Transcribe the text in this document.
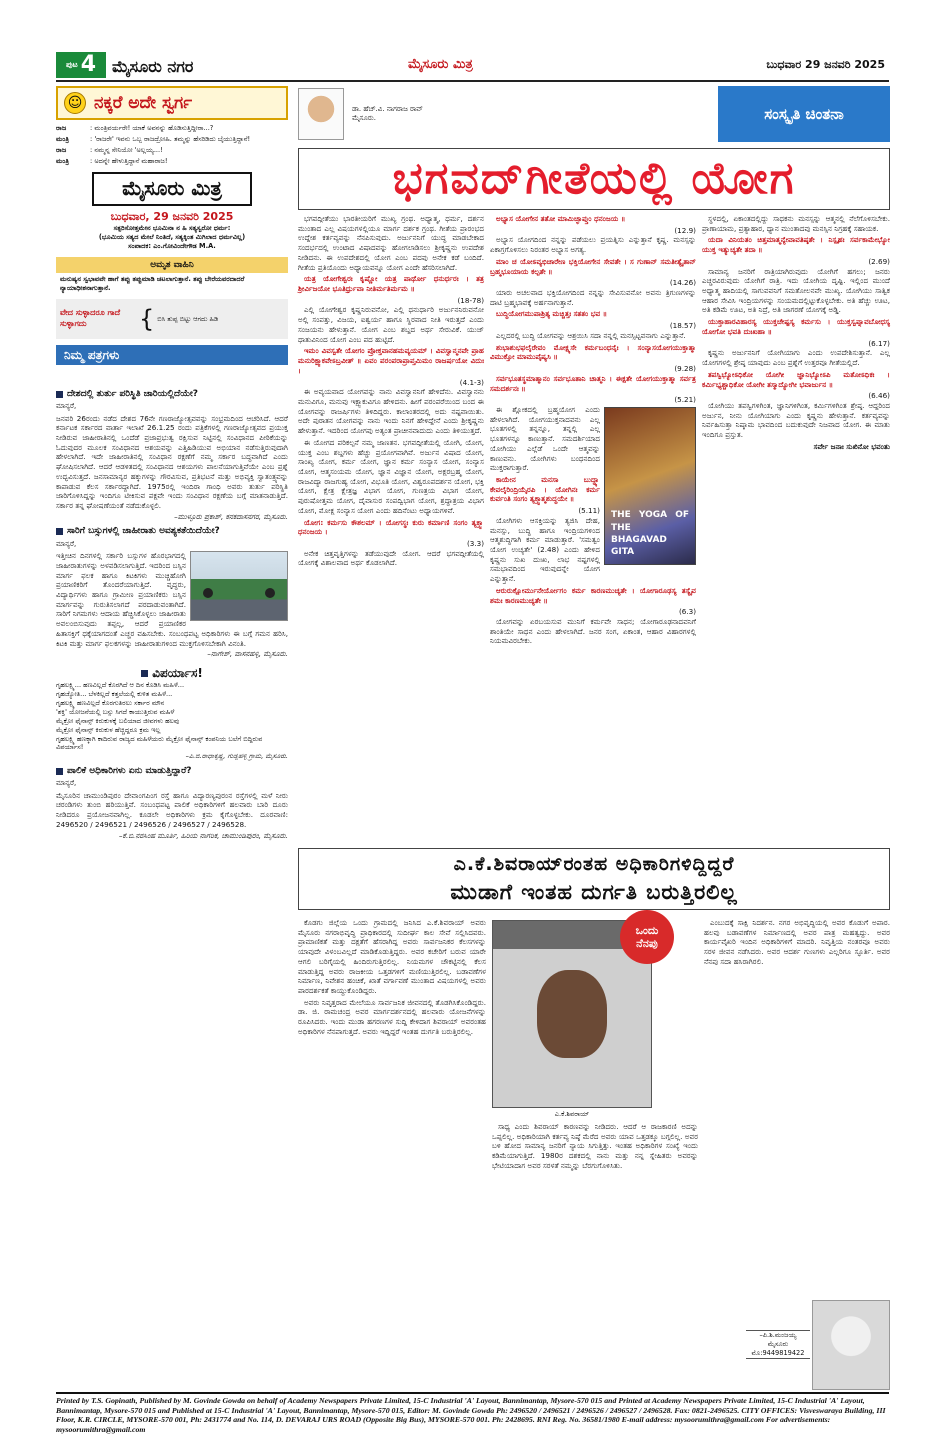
ಪುಟ 4 ಮೈಸೂರು ನಗರ	ಮೈಸೂರು ಮಿತ್ರ	ಬುಧವಾರ 29 ಜನವರಿ 2025
☺ ನಕ್ಕರೆ ಅದೇ ಸ್ವರ್ಗ
ರಾಜ	: ಮಂತ್ರಿವರ್ಯರೇ! ಯಾಕೆ ಅವನನ್ನು ಹೊಡಿಸುತ್ತಿದ್ದೀರಾ...?
ಮಂತ್ರಿ	: 'ರಾಜರೇ' ಇವನು ಒಬ್ಬ ರಾಜದ್ರೋಹಿ. ತಮ್ಮನ್ನು ಹೆಸರಿಡಿದು ಬೈಯುತ್ತಿದ್ದಾನೆ!
ರಾಜ	: ನಮ್ಮನ್ನ ಸೇನಿಯೋ 'ಅಲ್ಲಯ್ಯ...!
ಮಂತ್ರಿ	: ಅದನ್ನೇ ಹೇಳುತ್ತಿದ್ದಾನೆ ಮಹಾರಾಜ!
ಮೈಸೂರು ಮಿತ್ರ
ಬುಧವಾರ, 29 ಜನವರಿ 2025
ಸತ್ಪರಿಸೋತ್ತಮೇನ ಭೂಮಿನಾ ನ ಹಿ ಸತ್ಯಸ್ವರೋ ಧರ್ಮ:
(ಭೂಮಿಯ ಸತ್ಯದ ಮೇಲೆ ನಿಂತಿದೆ, ಸತ್ಯಕ್ಕಿಂತ ಮಿಗಿಲಾದ ಧರ್ಮವಿಲ್ಲ)
ಸಂಪಾದಕ: ಎಂ.ಗೋವಿಂದೇಗೌಡ M.A.
ಅಮೃತ ವಾಹಿನಿ
ಮನುಷ್ಯನ ಸ್ವಭಾವವೇ ಹಾಗೆ ತಪ್ಪು ತಪ್ಪುಮಾಡಿ ಚಟಲಾಗುತ್ತಾನೆ. ತಪ್ಪು ಬೇರೆಯವರದಾದರೆ ನ್ಯಾಯಾಧೀಶನಾಗುತ್ತಾನೆ.
ವೇದ ಸುಳ್ಳಾದರೂ ಗಾದೆ ಸುಳ್ಳಾಗದು	{ ಬಿಸಿ ತುಪ್ಪ ಬಿಟ್ಟು ಆಗದು ಹಿಡಿ
ನಿಮ್ಮ ಪತ್ರಗಳು
ದೇಶದಲ್ಲಿ ತುರ್ತು ಪರಿಸ್ಥಿತಿ ಜಾರಿಯಲ್ಲಿದೆಯೇ?
ಮಾನ್ಯರೆ,

ಜನವರಿ 26ರಂದು ನಡೆದ ದೇಶದ 76ನೇ ಗಣರಾಜ್ಯೋತ್ಸವವನ್ನು ಸಂಭ್ರಮದಿಂದ ಆಚರಿಸಿದೆ. ಆದರೆ ಕರ್ನಾಟಕ ಸರ್ಕಾರದ ವಾರ್ತಾ ಇಲಾಖೆ 26.1.25 ರಂದು ಪತ್ರಿಕೆಗಳಲ್ಲಿ ಗಣರಾಜ್ಯೋತ್ಸವದ ಪ್ರಯುಕ್ತ ನೀಡಿರುವ ಜಾಹೀರಾತಿನಲ್ಲಿ ಒಂದೆಡೆ ಪ್ರಜಾಪ್ರಭುತ್ವ ರಕ್ಷಿಸುವ ನಿಟ್ಟಿನಲ್ಲಿ ಸಂವಿಧಾನದ ಪೀಠಿಕೆಯನ್ನು ಓದುವುದರ ಮೂಲಕ ಸಂವಿಧಾನದ ಆಶಯವನ್ನು ಎತ್ತಿಹಿಡಿಯುವ ಅಭಿಯಾನ ನಡೆಸುತ್ತಿರುವುದಾಗಿ ಹೇಳಲಾಗಿದೆ. ಇದೇ ಜಾಹೀರಾತಿನಲ್ಲಿ ಸಂವಿಧಾನ ರಕ್ಷಣೆಗೆ ನಮ್ಮ ಸರ್ಕಾರ ಬದ್ಧವಾಗಿದೆ ಎಂದು ಘೋಷಿಸಲಾಗಿದೆ. ಆದರೆ ಆಡಳಿತದಲ್ಲಿ ಸಂವಿಧಾನದ ಆಶಯಗಳು ಪಾಲನೆಯಾಗುತ್ತಿವೆಯೇ ಎಂಬ ಪ್ರಶ್ನೆ ಉದ್ಭವಿಸುತ್ತದೆ. ಜನಸಾಮಾನ್ಯರ ಹಕ್ಕುಗಳನ್ನು ಗೌರವಿಸುವ, ಪ್ರತಿಭಟನೆ ಮತ್ತು ಅಭಿವ್ಯಕ್ತಿ ಸ್ವಾತಂತ್ರ್ಯವನ್ನು ಕಾಪಾಡುವ ಕೆಲಸ ಸರ್ಕಾರದ್ದಾಗಿದೆ. 1975ರಲ್ಲಿ ಇಂದಿರಾ ಗಾಂಧಿ ಅವರು ತುರ್ತು ಪರಿಸ್ಥಿತಿ ಜಾರಿಗೊಳಿಸಿದ್ದನ್ನು ಇಂದಿಗೂ ಟೀಕಿಸುವ ಪಕ್ಷವೇ ಇಂದು ಸಂವಿಧಾನ ರಕ್ಷಣೆಯ ಬಗ್ಗೆ ಮಾತನಾಡುತ್ತಿದೆ. ಸರ್ಕಾರ ತನ್ನ ಘೋಷಣೆಯಂತೆ ನಡೆದುಕೊಳ್ಳಲಿ.

–ಮುಳ್ಳೂರು ಪ್ರಕಾಶ್, ಕನಕದಾಸನಗರ, ಮೈಸೂರು.
ಸಾರಿಗೆ ಬಸ್ಸುಗಳಲ್ಲಿ ಜಾಹೀರಾತು ಅವಶ್ಯಕತೆಯಿದೆಯೇ?
ಮಾನ್ಯರೆ,

ಇತ್ತೀಚಿನ ದಿನಗಳಲ್ಲಿ ಸರ್ಕಾರಿ ಬಸ್ಸುಗಳ ಹೊರಭಾಗದಲ್ಲಿ ಜಾಹೀರಾತುಗಳನ್ನು ಅಳವಡಿಸಲಾಗುತ್ತಿದೆ. ಇದರಿಂದ ಬಸ್ಸಿನ ಮಾರ್ಗ ಫಲಕ ಹಾಗೂ ಕಿಟಕಿಗಳು ಮುಚ್ಚಿಹೋಗಿ ಪ್ರಯಾಣಿಕರಿಗೆ ತೊಂದರೆಯಾಗುತ್ತಿದೆ. ವೃದ್ಧರು, ವಿದ್ಯಾರ್ಥಿಗಳು ಹಾಗೂ ಗ್ರಾಮೀಣ ಪ್ರಯಾಣಿಕರು ಬಸ್ಸಿನ ಮಾರ್ಗವನ್ನು ಗುರುತಿಸಲಾಗದೆ ಪರದಾಡುವಂತಾಗಿದೆ. ಸಾರಿಗೆ ನಿಗಮಗಳು ಆದಾಯ ಹೆಚ್ಚಿಸಿಕೊಳ್ಳಲು ಜಾಹೀರಾತು ಅವಲಂಬಿಸುವುದು ತಪ್ಪಲ್ಲ, ಆದರೆ ಪ್ರಯಾಣಿಕರ ಹಿತಾಸಕ್ತಿಗೆ ಧಕ್ಕೆಯಾಗದಂತೆ ಎಚ್ಚರ ವಹಿಸಬೇಕು. ಸಂಬಂಧಪಟ್ಟ ಅಧಿಕಾರಿಗಳು ಈ ಬಗ್ಗೆ ಗಮನ ಹರಿಸಿ, ಕಿಟಕಿ ಮತ್ತು ಮಾರ್ಗ ಫಲಕಗಳನ್ನು ಜಾಹೀರಾತುಗಳಿಂದ ಮುಕ್ತಗೊಳಿಸಬೇಕಾಗಿ ವಿನಂತಿ.

–ನಾಗೇಶ್, ವಾಸನಹಳ್ಳಿ, ಮೈಸೂರು.
ವಿಪರ್ಯಾಸ!
ಗೃಹಲಕ್ಷ್ಮಿ... ಹಣವಿಲ್ಲದೆ ಕೊರಗಿದೆ ಆ ದಿನ ಕೊಡಿಸಿ ಮಹಿಳೆ...
ಗೃಹಜ್ಯೋತಿ... ಬೆಳಕಿಲ್ಲದೆ ಕತ್ತಲೆಯಲ್ಲಿ ಕುಳಿತ ಮಹಿಳೆ...
ಗೃಹಲಕ್ಷ್ಮಿ ಹಣವಿಲ್ಲದೆ ಕೊರಗುತಿರಲು ಸರ್ಕಾರ ಮೌನ
'ಶಕ್ತಿ' ಯೋಜನೆಯಲ್ಲಿ ಬಸ್ಸು ಸಿಗದೆ ಕಾಯುತ್ತಿರುವ ಮಹಿಳೆ
ಮೈಕ್ರೋ ಫೈನಾನ್ಸ್ ಕಿರುಕುಳಕ್ಕೆ ಬಲಿಯಾದ ಜೀವಗಳು ಹಲವು
ಮೈಕ್ರೋ ಫೈನಾನ್ಸ್ ಕಿರುಕುಳ ಹೆಚ್ಚಿದ್ದರೂ ಕ್ರಮ ಇಲ್ಲ
ಗೃಹಲಕ್ಷ್ಮಿ ಹಣಕ್ಕಾಗಿ ಕಾದಿರುವ ರಾಜ್ಯದ ಮಹಿಳೆಯರು ಮೈಕ್ರೋ ಫೈನಾನ್ಸ್ ಕಂಪನಿಯ ಬಲೆಗೆ ಬಿದ್ದಿರುವ ವಿಪರ್ಯಾಸ!
–ಪಿ.ಜಿ.ರಾಧಾಕೃಷ್ಣ, ಗುಡ್ಡಹಳ್ಳಿ ಗ್ರಾಮ, ಮೈಸೂರು.
ಪಾಲಿಕೆ ಅಧಿಕಾರಿಗಳು ಏನು ಮಾಡುತ್ತಿದ್ದಾರೆ?
ಮಾನ್ಯರೆ,

ಮೈಸೂರಿನ ಚಾಮುಂಡಿಪುರಂ ದೇವಾಂಗಪಿಂಗ ರಸ್ತೆ ಹಾಗೂ ವಿದ್ಯಾರಣ್ಯಪುರಂನ ರಸ್ತೆಗಳಲ್ಲಿ ಮಳೆ ನೀರು ಚರಂಡಿಗಳು ತುಂಬಿ ಹರಿಯುತ್ತಿವೆ. ಸಂಬಂಧಪಟ್ಟ ಪಾಲಿಕೆ ಅಧಿಕಾರಿಗಳಿಗೆ ಹಲವಾರು ಬಾರಿ ದೂರು ನೀಡಿದರೂ ಪ್ರಯೋಜನವಾಗಿಲ್ಲ. ಕೂಡಲೇ ಅಧಿಕಾರಿಗಳು ಕ್ರಮ ಕೈಗೊಳ್ಳಬೇಕು. ದೂರವಾಣಿ: 2496520 / 2496521 / 2496526 / 2496527 / 2496528.

–ಕೆ.ಬಿ.ನರಸಿಂಹ ಮೂರ್ತಿ, ಹಿರಿಯ ನಾಗರಿಕ, ಚಾಮುಂಡಿಪುರಂ, ಮೈಸೂರು.
ಡಾ. ಹೆಚ್.ವಿ. ನಾಗರಾಜ ರಾವ್
ಮೈಸೂರು.	ಸಂಸ್ಕೃತಿ ಚಿಂತನಾ
ಭಗವದ್‌ಗೀತೆಯಲ್ಲಿ ಯೋಗ

ಭಗವದ್ಗೀತೆಯು ಭಾರತೀಯರಿಗೆ ಮುಖ್ಯ ಗ್ರಂಥ. ಅಧ್ಯಾತ್ಮ, ಧರ್ಮ, ದರ್ಶನ ಮುಂತಾದ ಎಲ್ಲ ವಿಷಯಗಳಲ್ಲಿಯೂ ಮಾರ್ಗ ದರ್ಶಕ ಗ್ರಂಥ. ಗೀತೆಯ ಪ್ರಾರಂಭದ ಉದ್ದೇಶ ಕರ್ತವ್ಯವನ್ನು ನೆನಪಿಸುವುದು. ಅರ್ಜುನನಿಗೆ ಯುದ್ಧ ಮಾಡಬೇಕಾದ ಸಂದರ್ಭದಲ್ಲಿ ಉಂಟಾದ ವಿಷಾದವನ್ನು ಹೋಗಲಾಡಿಸಲು ಶ್ರೀಕೃಷ್ಣನು ಉಪದೇಶ ನೀಡಿದನು. ಈ ಉಪದೇಶದಲ್ಲಿ ಯೋಗ ಎಂಬ ಪದವು ಅನೇಕ ಕಡೆ ಬಂದಿದೆ. ಗೀತೆಯ ಪ್ರತಿಯೊಂದು ಅಧ್ಯಾಯವನ್ನೂ ಯೋಗ ಎಂದೇ ಹೆಸರಿಸಲಾಗಿದೆ.

ಯತ್ರ ಯೋಗೇಶ್ವರಃ ಕೃಷ್ಣೋ ಯತ್ರ ಪಾರ್ಥೋ ಧನುರ್ಧರಃ । ತತ್ರ ಶ್ರೀರ್ವಿಜಯೋ ಭೂತಿರ್ಧ್ರುವಾ ನೀತಿರ್ಮತಿರ್ಮಮ ॥

(18-78)

ಎಲ್ಲಿ ಯೋಗೇಶ್ವರ ಕೃಷ್ಣನಿರುವನೋ, ಎಲ್ಲಿ ಧನುರ್ಧಾರಿ ಅರ್ಜುನನಿರುವನೋ ಅಲ್ಲಿ ಸಂಪತ್ತು, ವಿಜಯ, ಐಶ್ವರ್ಯ ಹಾಗೂ ಸ್ಥಿರವಾದ ನೀತಿ ಇರುತ್ತದೆ ಎಂದು ಸಂಜಯನು ಹೇಳುತ್ತಾನೆ. ಯೋಗ ಎಂಬ ಶಬ್ದದ ಅರ್ಥ ಸೇರುವಿಕೆ. ಯುಜ್ ಧಾತುವಿನಿಂದ ಯೋಗ ಎಂಬ ಪದ ಹುಟ್ಟಿದೆ.

ಇಮಂ ವಿವಸ್ವತೇ ಯೋಗಂ ಪ್ರೋಕ್ತವಾನಹಮವ್ಯಯಮ್ । ವಿವಸ್ವಾನ್ಮನವೇ ಪ್ರಾಹ ಮನುರಿಕ್ಷ್ವಾಕವೇಽಬ್ರವೀತ್ ॥ ಏವಂ ಪರಂಪರಾಪ್ರಾಪ್ತಮಿಮಂ ರಾಜರ್ಷಯೋ ವಿದುಃ ।

(4.1-3)

ಈ ಅವ್ಯಯವಾದ ಯೋಗವನ್ನು ನಾನು ವಿವಸ್ವಾನನಿಗೆ ಹೇಳಿದೆನು. ವಿವಸ್ವಾನನು ಮನುವಿಗೂ, ಮನುವು ಇಕ್ಷ್ವಾಕುವಿಗೂ ಹೇಳಿದನು. ಹೀಗೆ ಪರಂಪರೆಯಿಂದ ಬಂದ ಈ ಯೋಗವನ್ನು ರಾಜರ್ಷಿಗಳು ತಿಳಿದಿದ್ದರು. ಕಾಲಾಂತರದಲ್ಲಿ ಅದು ನಷ್ಟವಾಯಿತು. ಅದೇ ಪುರಾತನ ಯೋಗವನ್ನು ನಾನು ಇಂದು ನಿನಗೆ ಹೇಳಿದ್ದೇನೆ ಎಂದು ಶ್ರೀಕೃಷ್ಣನು ಹೇಳುತ್ತಾನೆ. ಇದರಿಂದ ಯೋಗವು ಅತ್ಯಂತ ಪ್ರಾಚೀನವಾದುದು ಎಂದು ತಿಳಿಯುತ್ತದೆ.

ಈ ಯೋಗದ ಪರಿಕಲ್ಪನೆ ನಮ್ಮ ಜಾಣತನ. ಭಗವದ್ಗೀತೆಯಲ್ಲಿ ಯೋಗಿ, ಯೋಗ, ಯುಕ್ತ ಎಂಬ ಶಬ್ದಗಳು ಹೆಚ್ಚು ಪ್ರಯೋಗವಾಗಿವೆ. ಅರ್ಜುನ ವಿಷಾದ ಯೋಗ, ಸಾಂಖ್ಯ ಯೋಗ, ಕರ್ಮ ಯೋಗ, ಜ್ಞಾನ ಕರ್ಮ ಸಂನ್ಯಾಸ ಯೋಗ, ಸಂನ್ಯಾಸ ಯೋಗ, ಆತ್ಮಸಂಯಮ ಯೋಗ, ಜ್ಞಾನ ವಿಜ್ಞಾನ ಯೋಗ, ಅಕ್ಷರಬ್ರಹ್ಮ ಯೋಗ, ರಾಜವಿದ್ಯಾ ರಾಜಗುಹ್ಯ ಯೋಗ, ವಿಭೂತಿ ಯೋಗ, ವಿಶ್ವರೂಪದರ್ಶನ ಯೋಗ, ಭಕ್ತಿ ಯೋಗ, ಕ್ಷೇತ್ರ ಕ್ಷೇತ್ರಜ್ಞ ವಿಭಾಗ ಯೋಗ, ಗುಣತ್ರಯ ವಿಭಾಗ ಯೋಗ, ಪುರುಷೋತ್ತಮ ಯೋಗ, ದೈವಾಸುರ ಸಂಪದ್ವಿಭಾಗ ಯೋಗ, ಶ್ರದ್ಧಾತ್ರಯ ವಿಭಾಗ ಯೋಗ, ಮೋಕ್ಷ ಸಂನ್ಯಾಸ ಯೋಗ ಎಂದು ಹದಿನೆಂಟು ಅಧ್ಯಾಯಗಳಿವೆ.

ಯೋಗ: ಕರ್ಮಸು ಕೌಶಲಮ್ । ಯೋಗಸ್ಥಃ ಕುರು ಕರ್ಮಾಣಿ ಸಂಗಂ ತ್ಯಕ್ತ್ವಾ ಧನಂಜಯ ।

(3.3)

ಅನೇಕ ಚಿತ್ತವೃತ್ತಿಗಳನ್ನು ತಡೆಯುವುದೇ ಯೋಗ. ಆದರೆ ಭಗವದ್ಗೀತೆಯಲ್ಲಿ ಯೋಗಕ್ಕೆ ವಿಶಾಲವಾದ ಅರ್ಥ ಕೊಡಲಾಗಿದೆ.

ಅಭ್ಯಾಸ ಯೋಗೇನ ತತೋ ಮಾಮಿಚ್ಛಾಪ್ತುಂ ಧನಂಜಯ ॥

(12.9)

ಅಭ್ಯಾಸ ಯೋಗದಿಂದ ನನ್ನನ್ನು ಪಡೆಯಲು ಪ್ರಯತ್ನಿಸು ಎನ್ನುತ್ತಾನೆ ಕೃಷ್ಣ. ಮನಸ್ಸನ್ನು ಏಕಾಗ್ರಗೊಳಿಸಲು ನಿರಂತರ ಅಭ್ಯಾಸ ಅಗತ್ಯ.

ಮಾಂ ಚ ಯೋಽವ್ಯಭಿಚಾರೇಣ ಭಕ್ತಿಯೋಗೇನ ಸೇವತೇ । ಸ ಗುಣಾನ್ ಸಮತೀತ್ಯೈತಾನ್ ಬ್ರಹ್ಮಭೂಯಾಯ ಕಲ್ಪತೇ ॥

(14.26)

ಯಾರು ಅಚಲವಾದ ಭಕ್ತಿಯೋಗದಿಂದ ನನ್ನನ್ನು ಸೇವಿಸುವನೋ ಅವನು ತ್ರಿಗುಣಗಳನ್ನು ದಾಟಿ ಬ್ರಹ್ಮಭಾವಕ್ಕೆ ಅರ್ಹನಾಗುತ್ತಾನೆ.

ಬುದ್ಧಿಯೋಗಮುಪಾಶ್ರಿತ್ಯ ಮಚ್ಚಿತ್ತಃ ಸತತಂ ಭವ ॥

(18.57)

ಎಲ್ಲದರಲ್ಲಿ ಬುದ್ಧಿ ಯೋಗವನ್ನು ಆಶ್ರಯಿಸಿ ಸದಾ ನನ್ನಲ್ಲಿ ಮನಸ್ಸಿಟ್ಟವನಾಗು ಎನ್ನುತ್ತಾನೆ.

ಶುಭಾಶುಭಫಲೈರೇವಂ ಮೋಕ್ಷ್ಯಸೇ ಕರ್ಮಬಂಧನೈಃ । ಸಂನ್ಯಾಸಯೋಗಯುಕ್ತಾತ್ಮಾ ವಿಮುಕ್ತೋ ಮಾಮುಪೈಷ್ಯಸಿ ॥

(9.28)

ಸರ್ವಭೂತಸ್ಥಮಾತ್ಮಾನಂ ಸರ್ವಭೂತಾನಿ ಚಾತ್ಮನಿ । ಈಕ್ಷತೇ ಯೋಗಯುಕ್ತಾತ್ಮಾ ಸರ್ವತ್ರ ಸಮದರ್ಶನಃ ॥

(5.21)
THE YOGA OF THE BHAGAVAD GITA

ಈ ಶ್ಲೋಕದಲ್ಲಿ ಬ್ರಹ್ಮಯೋಗ ಎಂದು ಹೇಳಲಾಗಿದೆ. ಯೋಗಯುಕ್ತನಾದವನು ಎಲ್ಲ ಭೂತಗಳಲ್ಲಿ ತನ್ನನ್ನೂ, ತನ್ನಲ್ಲಿ ಎಲ್ಲ ಭೂತಗಳನ್ನೂ ಕಾಣುತ್ತಾನೆ. ಸಮದರ್ಶಿಯಾದ ಯೋಗಿಯು ಎಲ್ಲೆಡೆ ಒಂದೇ ಆತ್ಮವನ್ನು ಕಾಣುವನು. ಯೋಗಿಗಳು ಬಂಧನದಿಂದ ಮುಕ್ತರಾಗುತ್ತಾರೆ.

ಕಾಯೇನ ಮನಸಾ ಬುದ್ಧ್ಯಾ ಕೇವಲೈರಿಂದ್ರಿಯೈರಪಿ । ಯೋಗಿನಃ ಕರ್ಮ ಕುರ್ವಂತಿ ಸಂಗಂ ತ್ಯಕ್ತ್ವಾತ್ಮಶುದ್ಧಯೇ ॥

(5.11)

ಯೋಗಿಗಳು ಆಸಕ್ತಿಯನ್ನು ತ್ಯಜಿಸಿ ದೇಹ, ಮನಸ್ಸು, ಬುದ್ಧಿ ಹಾಗೂ ಇಂದ್ರಿಯಗಳಿಂದ ಆತ್ಮಶುದ್ಧಿಗಾಗಿ ಕರ್ಮ ಮಾಡುತ್ತಾರೆ. 'ಸಮತ್ವಂ ಯೋಗ ಉಚ್ಯತೇ' (2.48) ಎಂದು ಹೇಳಿದ ಕೃಷ್ಣನು ಸುಖ ದುಃಖ, ಲಾಭ ನಷ್ಟಗಳಲ್ಲಿ ಸಮಭಾವದಿಂದ ಇರುವುದನ್ನೇ ಯೋಗ ಎನ್ನುತ್ತಾನೆ.

ಆರುರುಕ್ಷೋರ್ಮುನೇರ್ಯೋಗಂ ಕರ್ಮ ಕಾರಣಮುಚ್ಯತೇ । ಯೋಗಾರೂಢಸ್ಯ ತಸ್ಯೈವ ಶಮಃ ಕಾರಣಮುಚ್ಯತೇ ॥

(6.3)

ಯೋಗವನ್ನು ಏರಬಯಸುವ ಮುನಿಗೆ ಕರ್ಮವೇ ಸಾಧನ; ಯೋಗಾರೂಢನಾದವನಿಗೆ ಶಾಂತಿಯೇ ಸಾಧನ ಎಂದು ಹೇಳಲಾಗಿದೆ. ಜನರ ಸಂಗ, ಏಕಾಂತ, ಆಹಾರ ವಿಹಾರಗಳಲ್ಲಿ ನಿಯಮವಿರಬೇಕು.

ಸ್ಥಳದಲ್ಲಿ, ಏಕಾಂತದಲ್ಲಿದ್ದು ಸಾಧಕನು ಮನಸ್ಸನ್ನು ಆತ್ಮನಲ್ಲಿ ನೆಲೆಗೊಳಿಸಬೇಕು. ಪ್ರಾಣಾಯಾಮ, ಪ್ರತ್ಯಾಹಾರ, ಧ್ಯಾನ ಮುಂತಾದವು ಮನಸ್ಸಿನ ನಿಗ್ರಹಕ್ಕೆ ಸಹಾಯಕ.

ಯದಾ ವಿನಿಯತಂ ಚಿತ್ತಮಾತ್ಮನ್ಯೇವಾವತಿಷ್ಠತೇ । ನಿಸ್ಪೃಹಃ ಸರ್ವಕಾಮೇಭ್ಯೋ ಯುಕ್ತ ಇತ್ಯುಚ್ಯತೇ ತದಾ ॥

(2.69)

ಸಾಮಾನ್ಯ ಜನರಿಗೆ ರಾತ್ರಿಯಾಗಿರುವುದು ಯೋಗಿಗೆ ಹಗಲು; ಜನರು ಎಚ್ಚರವಿರುವುದು ಯೋಗಿಗೆ ರಾತ್ರಿ. ಇದು ಯೋಗಿಯ ದೃಷ್ಟಿ. ಇಲ್ಲಿಂದ ಮುಂದೆ ಅಧ್ಯಾತ್ಮ ಹಾದಿಯಲ್ಲಿ ಸಾಗುವವನಿಗೆ ಸಮತೋಲನವೇ ಮುಖ್ಯ. ಯೋಗಿಯು ಸಾತ್ವಿಕ ಆಹಾರ ಸೇವಿಸಿ ಇಂದ್ರಿಯಗಳನ್ನು ಸಂಯಮದಲ್ಲಿಟ್ಟುಕೊಳ್ಳಬೇಕು. ಅತಿ ಹೆಚ್ಚು ಊಟ, ಅತಿ ಕಡಿಮೆ ಊಟ, ಅತಿ ನಿದ್ರೆ, ಅತಿ ಜಾಗರಣೆ ಯೋಗಕ್ಕೆ ಅಡ್ಡಿ.

ಯುಕ್ತಾಹಾರವಿಹಾರಸ್ಯ ಯುಕ್ತಚೇಷ್ಟಸ್ಯ ಕರ್ಮಸು । ಯುಕ್ತಸ್ವಪ್ನಾವಬೋಧಸ್ಯ ಯೋಗೋ ಭವತಿ ದುಃಖಹಾ ॥

(6.17)

ಕೃಷ್ಣನು ಅರ್ಜುನನಿಗೆ ಯೋಗಿಯಾಗು ಎಂದು ಉಪದೇಶಿಸುತ್ತಾನೆ. ಎಲ್ಲ ಯೋಗಗಳಲ್ಲಿ ಶ್ರೇಷ್ಠ ಯಾವುದು ಎಂಬ ಪ್ರಶ್ನೆಗೆ ಉತ್ತರವೂ ಗೀತೆಯಲ್ಲಿದೆ.

ತಪಸ್ವಿಭ್ಯೋಽಧಿಕೋ ಯೋಗೀ ಜ್ಞಾನಿಭ್ಯೋಽಪಿ ಮತೋಽಧಿಕಃ । ಕರ್ಮಿಭ್ಯಶ್ಚಾಧಿಕೋ ಯೋಗೀ ತಸ್ಮಾದ್ಯೋಗೀ ಭವಾರ್ಜುನ ॥

(6.46)

ಯೋಗಿಯು ತಪಸ್ವಿಗಳಿಗಿಂತ, ಜ್ಞಾನಿಗಳಿಗಿಂತ, ಕರ್ಮಿಗಳಿಗಿಂತ ಶ್ರೇಷ್ಠ. ಆದ್ದರಿಂದ ಅರ್ಜುನ, ನೀನು ಯೋಗಿಯಾಗು ಎಂದು ಕೃಷ್ಣನು ಹೇಳುತ್ತಾನೆ. ಕರ್ತವ್ಯವನ್ನು ನಿರ್ವಹಿಸುತ್ತಾ ನಿಷ್ಕಾಮ ಭಾವದಿಂದ ಬದುಕುವುದೇ ನಿಜವಾದ ಯೋಗ. ಈ ಮಾತು ಇಂದಿಗೂ ಪ್ರಸ್ತುತ.

ಸರ್ವೇ ಜನಾಃ ಸುಖಿನೋ ಭವಂತು
ಎ.ಕೆ.ಶಿವರಾಯ್‌ರಂತಹ ಅಧಿಕಾರಿಗಳಿದ್ದಿದ್ದರೆ
ಮುಡಾಗೆ ಇಂತಹ ದುರ್ಗತಿ ಬರುತ್ತಿರಲಿಲ್ಲ

ಕೊಡಗು ಜಿಲ್ಲೆಯ ಒಂದು ಗ್ರಾಮದಲ್ಲಿ ಜನಿಸಿದ ಎ.ಕೆ.ಶಿವರಾಯ್ ಅವರು ಮೈಸೂರು ನಗರಾಭಿವೃದ್ಧಿ ಪ್ರಾಧಿಕಾರದಲ್ಲಿ ಸುದೀರ್ಘ ಕಾಲ ಸೇವೆ ಸಲ್ಲಿಸಿದವರು. ಪ್ರಾಮಾಣಿಕತೆ ಮತ್ತು ದಕ್ಷತೆಗೆ ಹೆಸರಾಗಿದ್ದ ಅವರು ಸಾರ್ವಜನಿಕರ ಕೆಲಸಗಳನ್ನು ಯಾವುದೇ ವಿಳಂಬವಿಲ್ಲದೆ ಮಾಡಿಕೊಡುತ್ತಿದ್ದರು. ಅವರ ಕಚೇರಿಗೆ ಬರುವ ಯಾರೇ ಆಗಲಿ ಬರಿಗೈಯಲ್ಲಿ ಹಿಂದಿರುಗುತ್ತಿರಲಿಲ್ಲ. ನಿಯಮಗಳ ಚೌಕಟ್ಟಿನಲ್ಲಿ ಕೆಲಸ ಮಾಡುತ್ತಿದ್ದ ಅವರು ರಾಜಕೀಯ ಒತ್ತಡಗಳಿಗೆ ಮಣಿಯುತ್ತಿರಲಿಲ್ಲ. ಬಡಾವಣೆಗಳ ನಿರ್ಮಾಣ, ನಿವೇಶನ ಹಂಚಿಕೆ, ಖಾತೆ ವರ್ಗಾವಣೆ ಮುಂತಾದ ವಿಷಯಗಳಲ್ಲಿ ಅವರು ಪಾರದರ್ಶಕತೆ ಕಾಯ್ದುಕೊಂಡಿದ್ದರು.

ಅವರು ನಿವೃತ್ತರಾದ ಮೇಲೆಯೂ ಸಾರ್ವಜನಿಕ ಜೀವನದಲ್ಲಿ ತೊಡಗಿಸಿಕೊಂಡಿದ್ದರು. ಡಾ. ಜಿ. ರಾಮಚಂದ್ರ ಅವರ ಮಾರ್ಗದರ್ಶನದಲ್ಲಿ ಹಲವಾರು ಯೋಜನೆಗಳನ್ನು ರೂಪಿಸಿದರು. ಇಂದು ಮುಡಾ ಹಗರಣಗಳ ಸುದ್ದಿ ಕೇಳಿದಾಗ ಶಿವರಾಯ್ ಅವರಂತಹ ಅಧಿಕಾರಿಗಳ ನೆನಪಾಗುತ್ತದೆ. ಅವರು ಇದ್ದಿದ್ದರೆ ಇಂತಹ ದುರ್ಗತಿ ಬರುತ್ತಿರಲಿಲ್ಲ.

ಎ.ಕೆ.ಶಿವರಾಯ್
ಒಂದು
ನೆನಪು

ಸಾಧ್ಯ ಎಂದು ಶಿವರಾಯ್ ಕಾರಣವನ್ನು ನೀಡಿದರು. ಆದರೆ ಆ ರಾಜಕಾರಣಿ ಅದನ್ನು ಒಪ್ಪಲಿಲ್ಲ. ಅಧಿಕಾರಿಯಾಗಿ ಕರ್ತವ್ಯ ನಿಷ್ಠೆ ಮೆರೆದ ಅವರು ಯಾವ ಒತ್ತಡಕ್ಕೂ ಬಗ್ಗಲಿಲ್ಲ. ಅವರ ಬಳಿ ಹೋದ ಸಾಮಾನ್ಯ ಜನರಿಗೆ ನ್ಯಾಯ ಸಿಗುತ್ತಿತ್ತು. ಇಂತಹ ಅಧಿಕಾರಿಗಳ ಸಂಖ್ಯೆ ಇಂದು ಕಡಿಮೆಯಾಗುತ್ತಿದೆ. 1980ರ ದಶಕದಲ್ಲಿ ನಾನು ಮತ್ತು ನನ್ನ ಸ್ನೇಹಿತರು ಅವರನ್ನು ಭೇಟಿಯಾದಾಗ ಅವರ ಸರಳತೆ ನಮ್ಮನ್ನು ಬೆರಗುಗೊಳಿಸಿತು.

ಎಂಬುದಕ್ಕೆ ಸಾಕ್ಷಿ ನಿದರ್ಶನ. ನಗರ ಅಭಿವೃದ್ಧಿಯಲ್ಲಿ ಅವರ ಕೊಡುಗೆ ಅಪಾರ. ಹಲವು ಬಡಾವಣೆಗಳ ನಿರ್ಮಾಣದಲ್ಲಿ ಅವರ ಪಾತ್ರ ಮಹತ್ವದ್ದು. ಅವರ ಕಾರ್ಯವೈಖರಿ ಇಂದಿನ ಅಧಿಕಾರಿಗಳಿಗೆ ಮಾದರಿ. ನಿವೃತ್ತಿಯ ನಂತರವೂ ಅವರು ಸರಳ ಜೀವನ ನಡೆಸಿದರು. ಅವರ ಆದರ್ಶ ಗುಣಗಳು ಎಲ್ಲರಿಗೂ ಸ್ಫೂರ್ತಿ. ಅವರ ನೆನಪು ಸದಾ ಹಸಿರಾಗಿರಲಿ.

–ಪಿ.ಶಿ.ಮಂಜಯ್ಯ
ಮೈಸೂರು
ಮೊ:9449819422
Printed by T.S. Gopinath, Published by M. Govinde Gowda on behalf of Academy Newspapers Private Limited, 15-C Industrial 'A' Layout, Bannimantap, Mysore-570 015 and Printed at Academy Newspapers Private Limited, 15-C Industrial 'A' Layout, Bannimantap, Mysore-570 015 and Published at 15-C Industrial 'A' Layout, Bannimantap, Mysore-570 015, Editor: M. Govinde Gowda Ph: 2496520 / 2496521 / 2496526 / 2496527 / 2496528. Fax: 0821-2496525. CITY OFFICES: Visveswaraya Building, III Floor, K.R. CIRCLE, MYSORE-570 001, Ph: 2431774 and No. 114, D. DEVARAJ URS ROAD (Opposite Big Bus), MYSORE-570 001. Ph: 2428695. RNI Reg. No. 36581/1980 E-mail address: mysoorumithra@gmail.com For advertisements: mysoorumithra@gmail.com
